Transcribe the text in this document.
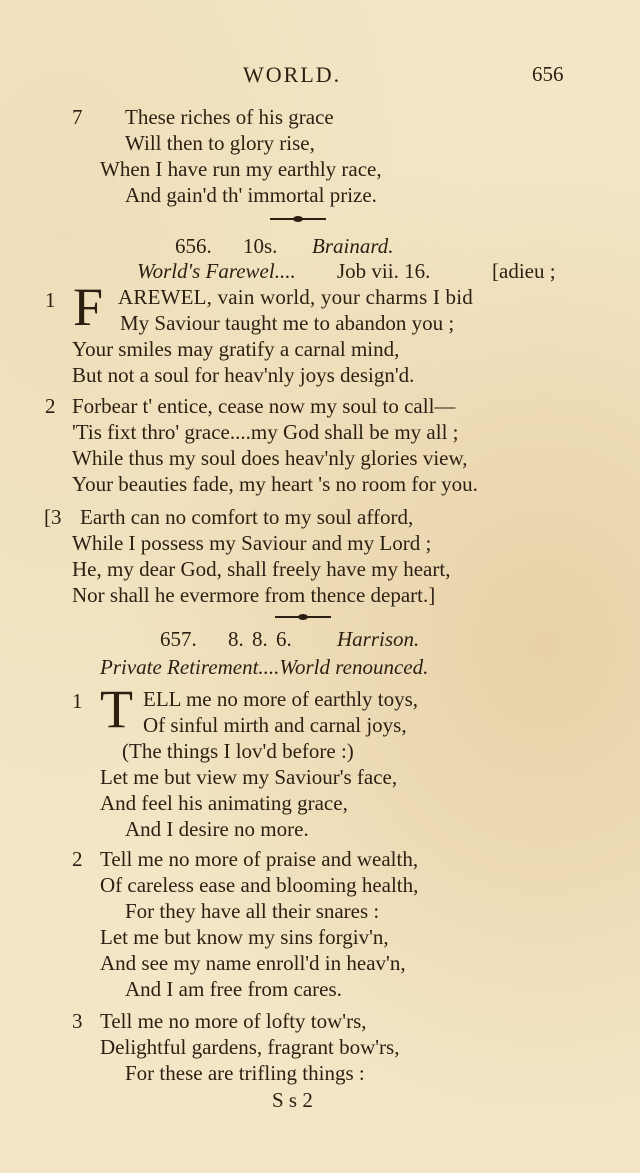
WORLD.	656
7 These riches of his grace
Will then to glory rise,
When I have run my earthly race,
And gain'd th' immortal prize.
656. 10s. Brainard.
World's Farewel.... Job vii. 16.	[adieu ;
1 F AREWEL, vain world, your charms I bid
My Saviour taught me to abandon you ;
Your smiles may gratify a carnal mind,
But not a soul for heav'nly joys design'd.
2 Forbear t' entice, cease now my soul to call—
'Tis fixt thro' grace....my God shall be my all ;
While thus my soul does heav'nly glories view,
Your beauties fade, my heart 's no room for you.
[3 Earth can no comfort to my soul afford,
While I possess my Saviour and my Lord ;
He, my dear God, shall freely have my heart,
Nor shall he evermore from thence depart.]
657. 8. 8. 6. Harrison.
Private Retirement....World renounced.
1 T ELL me no more of earthly toys,
Of sinful mirth and carnal joys,
(The things I lov'd before :)
Let me but view my Saviour's face,
And feel his animating grace,
And I desire no more.
2 Tell me no more of praise and wealth,
Of careless ease and blooming health,
For they have all their snares :
Let me but know my sins forgiv'n,
And see my name enroll'd in heav'n,
And I am free from cares.
3 Tell me no more of lofty tow'rs,
Delightful gardens, fragrant bow'rs,
For these are trifling things :
S s 2
